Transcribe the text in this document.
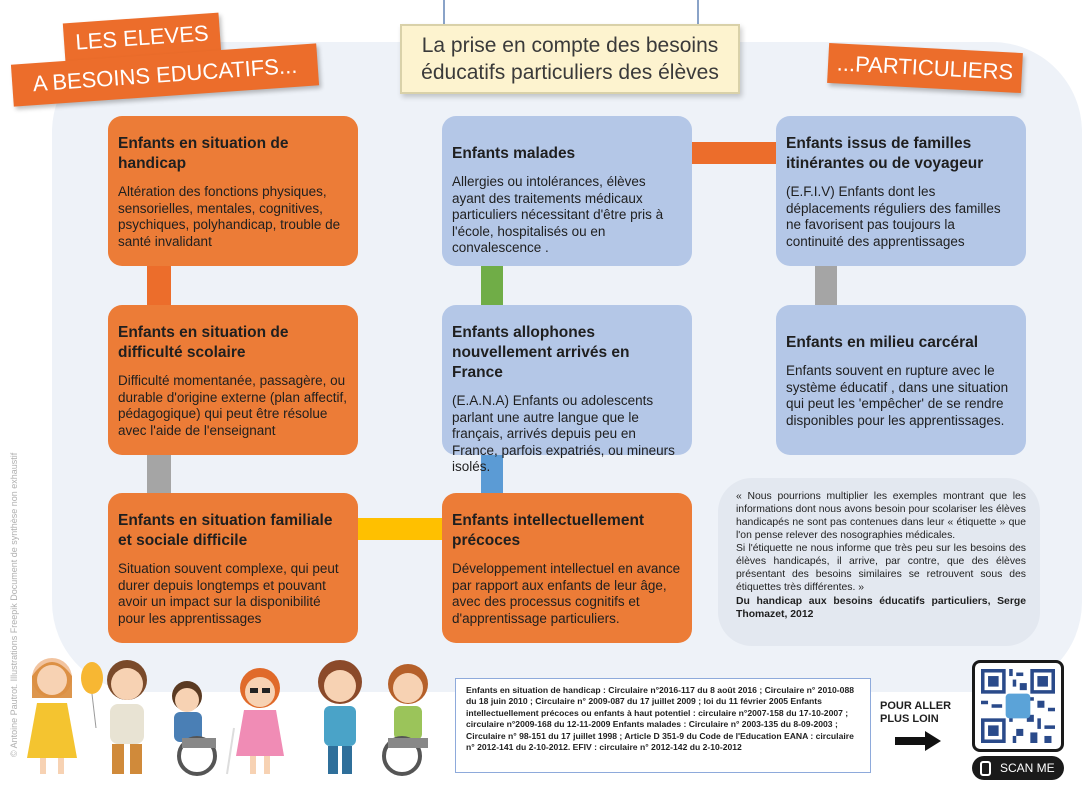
LES ELEVES
A BESOINS EDUCATIFS...	...PARTICULIERS
La prise en compte des besoins
éducatifs particuliers des élèves
Enfants en situation de handicap

Altération des fonctions physiques, sensorielles, mentales, cognitives, psychiques, polyhandicap, trouble de santé invalidant

Enfants malades

Allergies ou intolérances, élèves ayant des traitements médicaux particuliers nécessitant d'être pris à l'école, hospitalisés ou en convalescence .

Enfants issus de familles itinérantes ou de voyageur

(E.F.I.V) Enfants dont les déplacements réguliers des familles ne favorisent pas toujours la continuité des apprentissages

Enfants en situation de difficulté scolaire

Difficulté momentanée, passagère, ou durable d'origine externe (plan affectif, pédagogique) qui peut être résolue avec l'aide de l'enseignant

Enfants allophones nouvellement arrivés en France

(E.A.N.A) Enfants ou adolescents parlant une autre langue que le français, arrivés depuis peu en France, parfois expatriés, ou mineurs isolés.

Enfants en milieu carcéral

Enfants souvent en rupture avec le système éducatif , dans une situation qui peut les 'empêcher' de se rendre disponibles pour les apprentissages.

Enfants en situation familiale et sociale difficile

Situation souvent complexe, qui peut durer depuis longtemps et pouvant avoir un impact sur la disponibilité pour les apprentissages

Enfants intellectuellement précoces

Développement intellectuel en avance par rapport aux enfants de leur âge, avec des processus cognitifs et d'apprentissage particuliers.

« Nous pourrions multiplier les exemples montrant que les informations dont nous avons besoin pour scolariser les élèves handicapés ne sont pas contenues dans leur « étiquette » que l'on pense relever des nosographies médicales.
Si l'étiquette ne nous informe que très peu sur les besoins des élèves handicapés, il arrive, par contre, que des élèves présentant des besoins similaires se retrouvent sous des étiquettes très différentes. »
Du handicap aux besoins éducatifs particuliers, Serge Thomazet, 2012
Enfants en situation de handicap : Circulaire n°2016-117 du 8 août 2016 ; Circulaire n° 2010-088 du 18 juin 2010 ; Circulaire n° 2009-087 du 17 juillet 2009 ; loi du 11 février 2005 Enfants intellectuellement précoces ou enfants à haut potentiel : circulaire n°2007-158 du 17-10-2007 ; circulaire n°2009-168 du 12-11-2009 Enfants malades : Circulaire n° 2003-135 du 8-09-2003 ; Circulaire n° 98-151 du 17 juillet 1998 ; Article D 351-9 du Code de l'Education EANA : circulaire n° 2012-141 du 2-10-2012. EFIV : circulaire n° 2012-142 du 2-10-2012
POUR ALLER
PLUS LOIN
SCAN ME
© Antoine Pautrot. Illustrations Freepik Document de synthèse non exhaustif
